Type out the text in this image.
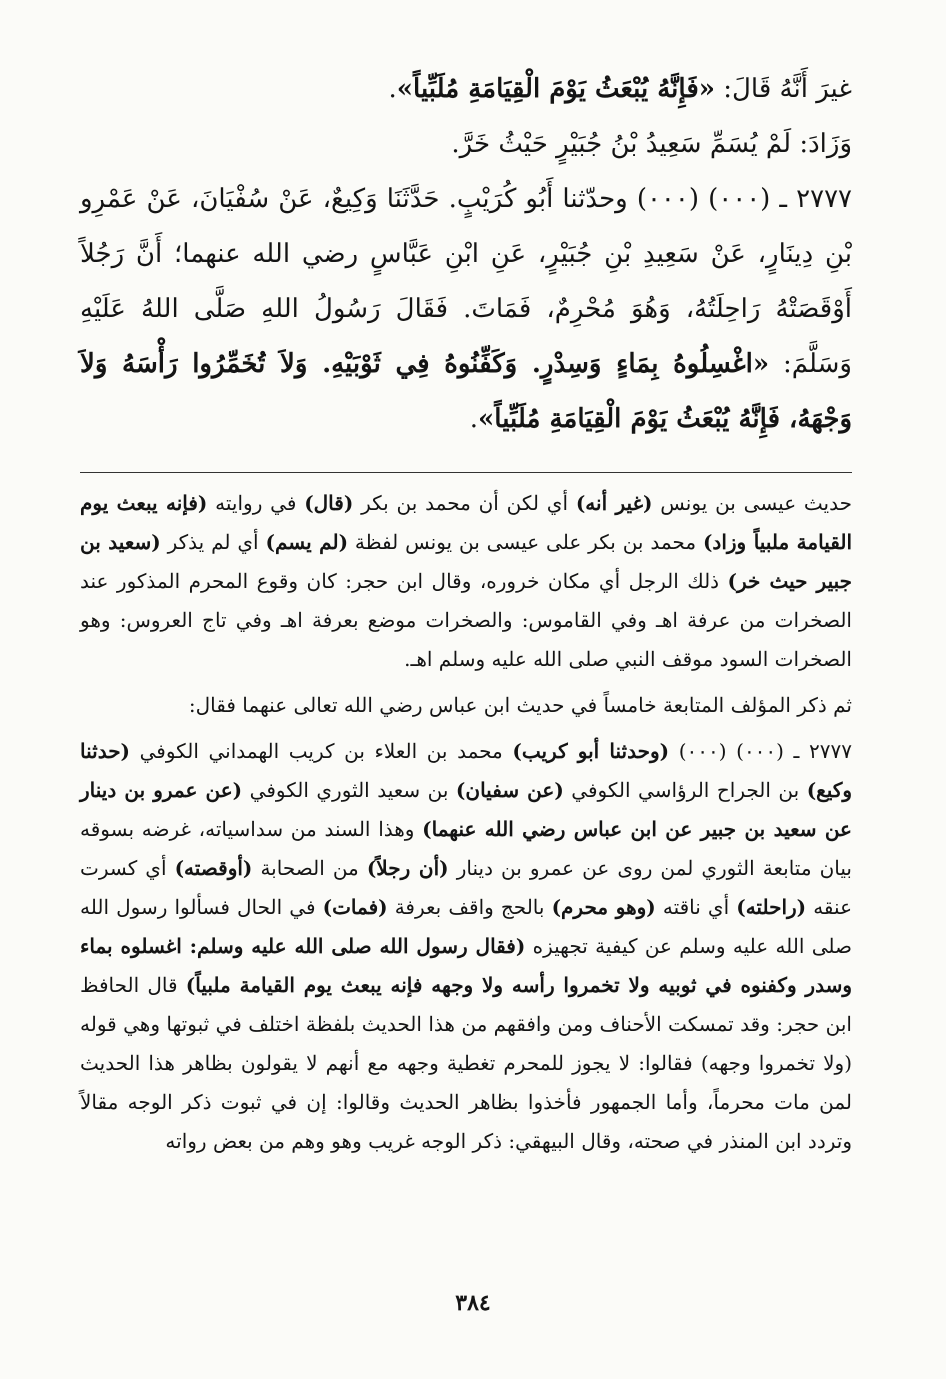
غيرَ أَنَّهُ قَالَ: «فَإِنَّهُ يُبْعَثُ يَوْمَ الْقِيَامَةِ مُلَبِّياً».

وَزَادَ: لَمْ يُسَمِّ سَعِيدُ بْنُ جُبَيْرٍ حَيْثُ خَرَّ.

٢٧٧٧ ـ (٠٠٠) (٠٠٠) وحدّثنا أَبُو كُرَيْبٍ. حَدَّثَنَا وَكِيعٌ، عَنْ سُفْيَانَ، عَنْ عَمْرِو بْنِ دِينَارٍ، عَنْ سَعِيدِ بْنِ جُبَيْرٍ، عَنِ ابْنِ عَبَّاسٍ رضي الله عنهما؛ أَنَّ رَجُلاً أَوْقَصَتْهُ رَاحِلَتُهُ، وَهُوَ مُحْرِمٌ، فَمَاتَ. فَقَالَ رَسُولُ اللهِ صَلَّى اللهُ عَلَيْهِ وَسَلَّمَ: «اغْسِلُوهُ بِمَاءٍ وَسِدْرٍ. وَكَفِّنُوهُ فِي ثَوْبَيْهِ. وَلاَ تُخَمِّرُوا رَأْسَهُ وَلاَ وَجْهَهُ، فَإِنَّهُ يُبْعَثُ يَوْمَ الْقِيَامَةِ مُلَبِّياً».

حديث عيسى بن يونس (غير أنه) أي لكن أن محمد بن بكر (قال) في روايته (فإنه يبعث يوم القيامة ملبياً وزاد) محمد بن بكر على عيسى بن يونس لفظة (لم يسم) أي لم يذكر (سعيد بن جبير حيث خر) ذلك الرجل أي مكان خروره، وقال ابن حجر: كان وقوع المحرم المذكور عند الصخرات من عرفة اهـ وفي القاموس: والصخرات موضع بعرفة اهـ وفي تاج العروس: وهو الصخرات السود موقف النبي صلى الله عليه وسلم اهـ.

ثم ذكر المؤلف المتابعة خامساً في حديث ابن عباس رضي الله تعالى عنهما فقال:

٢٧٧٧ ـ (٠٠٠) (٠٠٠) (وحدثنا أبو كريب) محمد بن العلاء بن كريب الهمداني الكوفي (حدثنا وكيع) بن الجراح الرؤاسي الكوفي (عن سفيان) بن سعيد الثوري الكوفي (عن عمرو بن دينار عن سعيد بن جبير عن ابن عباس رضي الله عنهما) وهذا السند من سداسياته، غرضه بسوقه بيان متابعة الثوري لمن روى عن عمرو بن دينار (أن رجلاً) من الصحابة (أوقصته) أي كسرت عنقه (راحلته) أي ناقته (وهو محرم) بالحج واقف بعرفة (فمات) في الحال فسألوا رسول الله صلى الله عليه وسلم عن كيفية تجهيزه (فقال رسول الله صلى الله عليه وسلم: اغسلوه بماء وسدر وكفنوه في ثوبيه ولا تخمروا رأسه ولا وجهه فإنه يبعث يوم القيامة ملبياً) قال الحافظ ابن حجر: وقد تمسكت الأحناف ومن وافقهم من هذا الحديث بلفظة اختلف في ثبوتها وهي قوله (ولا تخمروا وجهه) فقالوا: لا يجوز للمحرم تغطية وجهه مع أنهم لا يقولون بظاهر هذا الحديث لمن مات محرماً، وأما الجمهور فأخذوا بظاهر الحديث وقالوا: إن في ثبوت ذكر الوجه مقالاً وتردد ابن المنذر في صحته، وقال البيهقي: ذكر الوجه غريب وهو وهم من بعض رواته

٣٨٤
